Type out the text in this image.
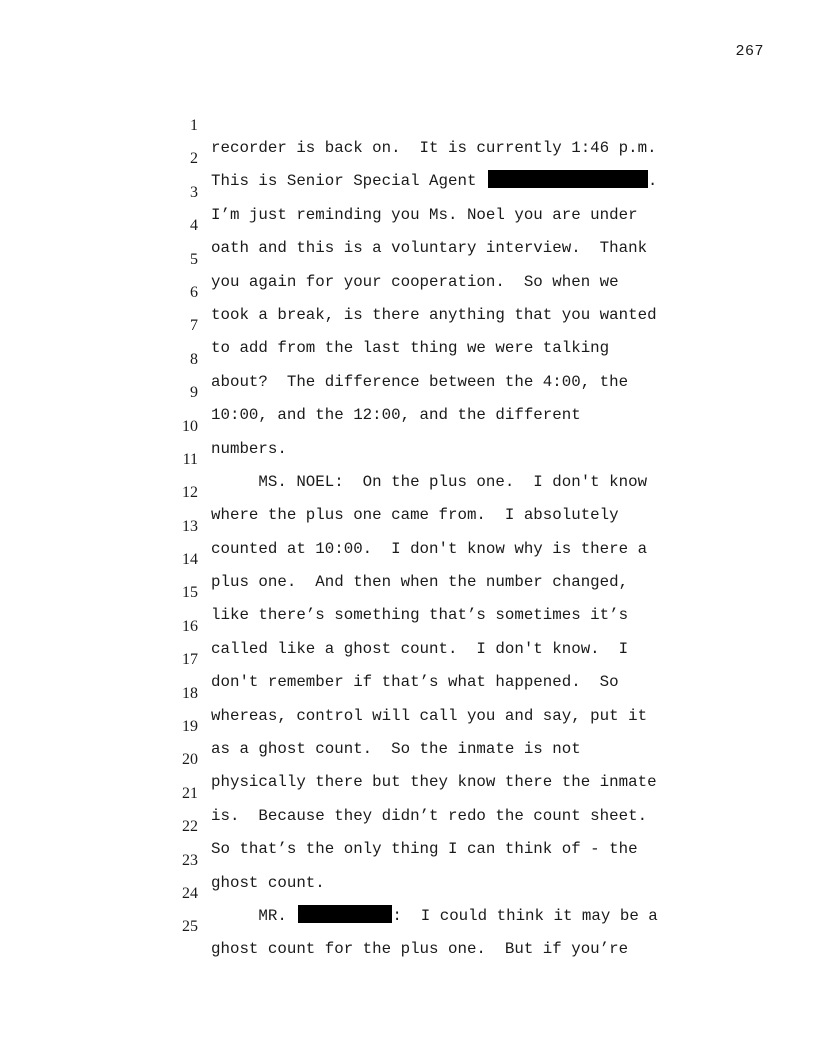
267

1

recorder is back on.  It is currently 1:46 p.m.

2

This is Senior Special Agent	.

3

I’m just reminding you Ms. Noel you are under

4

oath and this is a voluntary interview.  Thank

5

you again for your cooperation.  So when we

6

took a break, is there anything that you wanted

7

to add from the last thing we were talking

8

about?  The difference between the 4:00, the

9

10:00, and the 12:00, and the different

10

numbers.

11

MS. NOEL:  On the plus one.  I don't know

12

where the plus one came from.  I absolutely

13

counted at 10:00.  I don't know why is there a

14

plus one.  And then when the number changed,

15

like there’s something that’s sometimes it’s

16

called like a ghost count.  I don't know.  I

17

don't remember if that’s what happened.  So

18

whereas, control will call you and say, put it

19

as a ghost count.  So the inmate is not

20

physically there but they know there the inmate

21

is.  Because they didn’t redo the count sheet.

22

So that’s the only thing I can think of - the

23

ghost count.

24

MR.	:  I could think it may be a

25

ghost count for the plus one.  But if you’re
